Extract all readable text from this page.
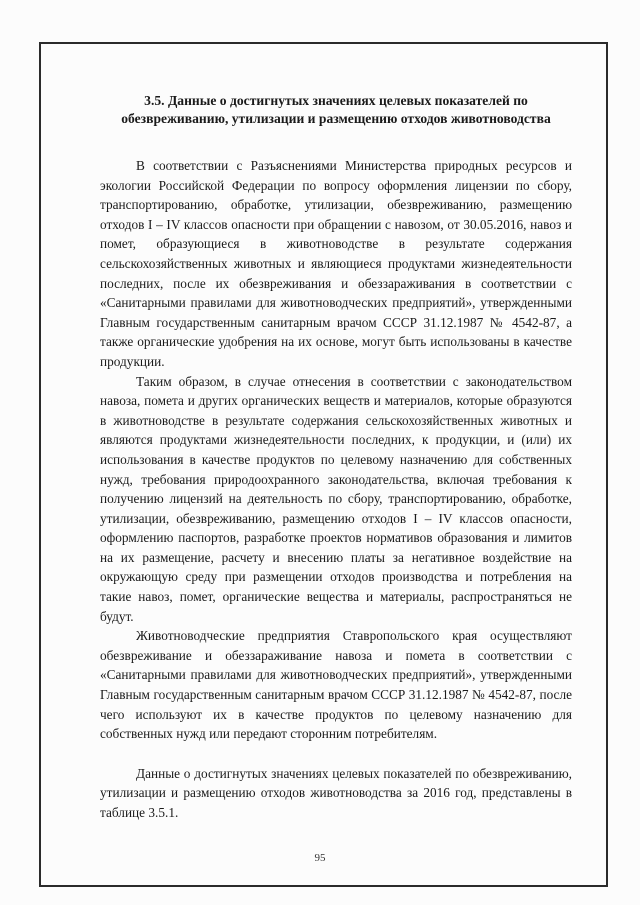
3.5. Данные о достигнутых значениях целевых показателей по обезвреживанию, утилизации и размещению отходов животноводства

В соответствии с Разъяснениями Министерства природных ресурсов и экологии Российской Федерации по вопросу оформления лицензии по сбору, транспортированию, обработке, утилизации, обезвреживанию, размещению отходов I – IV классов опасности при обращении с навозом, от 30.05.2016, навоз и помет, образующиеся в животноводстве в результате содержания сельскохозяйственных животных и являющиеся продуктами жизнедеятельности последних, после их обезвреживания и обеззараживания в соответствии с «Санитарными правилами для животноводческих предприятий», утвержденными Главным государственным санитарным врачом СССР 31.12.1987 № 4542-87, а также органические удобрения на их основе, могут быть использованы в качестве продукции.

Таким образом, в случае отнесения в соответствии с законодательством навоза, помета и других органических веществ и материалов, которые образуются в животноводстве в результате содержания сельскохозяйственных животных и являются продуктами жизнедеятельности последних, к продукции, и (или) их использования в качестве продуктов по целевому назначению для собственных нужд, требования природоохранного законодательства, включая требования к получению лицензий на деятельность по сбору, транспортированию, обработке, утилизации, обезвреживанию, размещению отходов I – IV классов опасности, оформлению паспортов, разработке проектов нормативов образования и лимитов на их размещение, расчету и внесению платы за негативное воздействие на окружающую среду при размещении отходов производства и потребления на такие навоз, помет, органические вещества и материалы, распространяться не будут.

Животноводческие предприятия Ставропольского края осуществляют обезвреживание и обеззараживание навоза и помета в соответствии с «Санитарными правилами для животноводческих предприятий», утвержденными Главным государственным санитарным врачом СССР 31.12.1987 № 4542-87, после чего используют их в качестве продуктов по целевому назначению для собственных нужд или передают сторонним потребителям.

Данные о достигнутых значениях целевых показателей по обезвреживанию, утилизации и размещению отходов животноводства за 2016 год, представлены в таблице 3.5.1.

95
